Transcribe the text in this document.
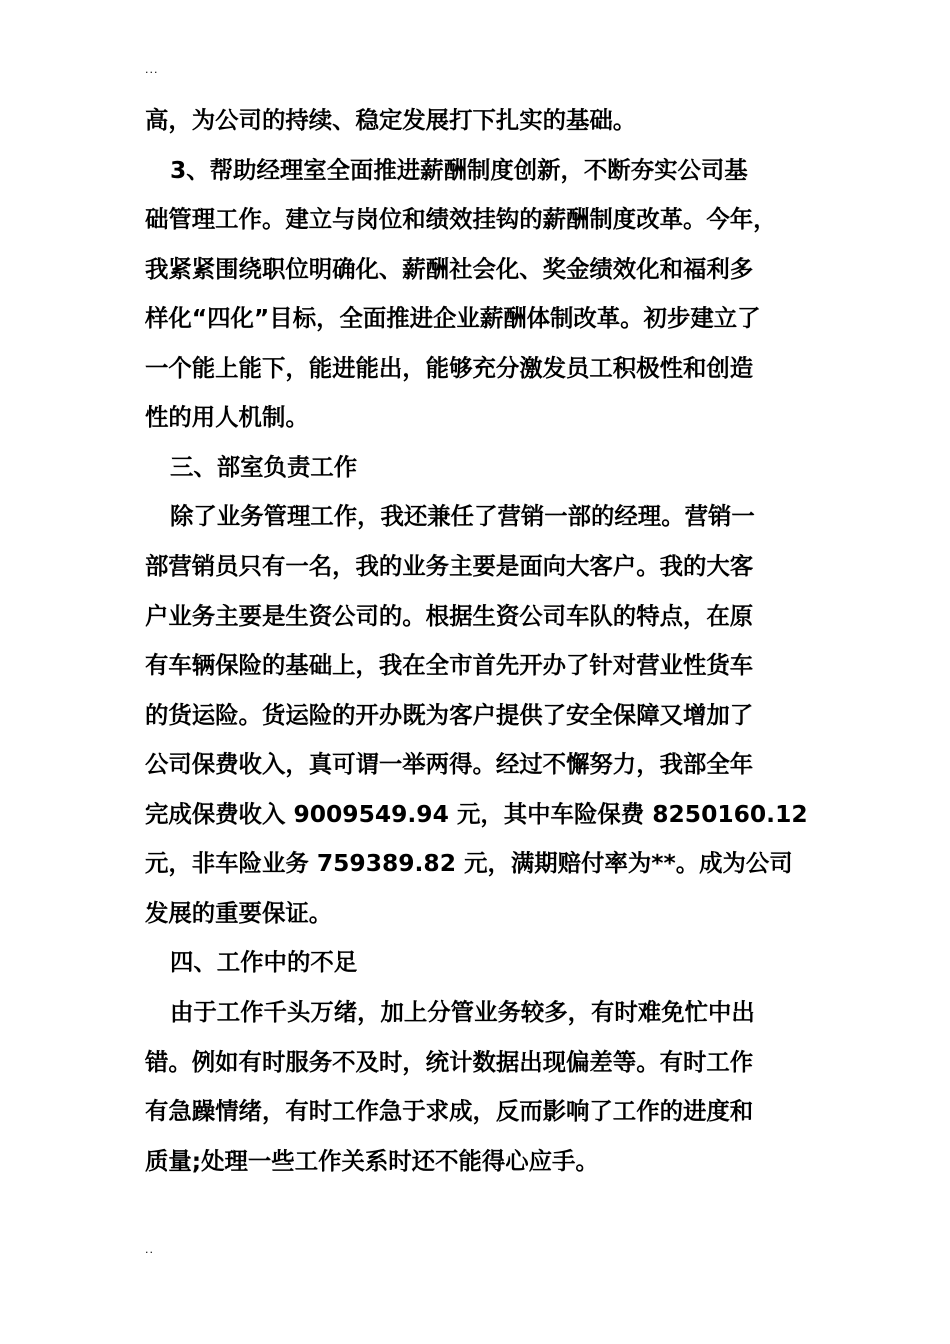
...
高，为公司的持续、稳定发展打下扎实的基础。
3、帮助经理室全面推进薪酬制度创新，不断夯实公司基
础管理工作。建立与岗位和绩效挂钩的薪酬制度改革。今年，
我紧紧围绕职位明确化、薪酬社会化、奖金绩效化和福利多
样化“四化”目标，全面推进企业薪酬体制改革。初步建立了
一个能上能下，能进能出，能够充分激发员工积极性和创造
性的用人机制。
三、部室负责工作
除了业务管理工作，我还兼任了营销一部的经理。营销一
部营销员只有一名，我的业务主要是面向大客户。我的大客
户业务主要是生资公司的。根据生资公司车队的特点，在原
有车辆保险的基础上，我在全市首先开办了针对营业性货车
的货运险。货运险的开办既为客户提供了安全保障又增加了
公司保费收入，真可谓一举两得。经过不懈努力，我部全年
完成保费收入 9009549.94 元，其中车险保费 8250160.12
元，非车险业务 759389.82 元，满期赔付率为**。成为公司
发展的重要保证。
四、工作中的不足
由于工作千头万绪，加上分管业务较多，有时难免忙中出
错。例如有时服务不及时，统计数据出现偏差等。有时工作
有急躁情绪，有时工作急于求成，反而影响了工作的进度和
质量;处理一些工作关系时还不能得心应手。
..
